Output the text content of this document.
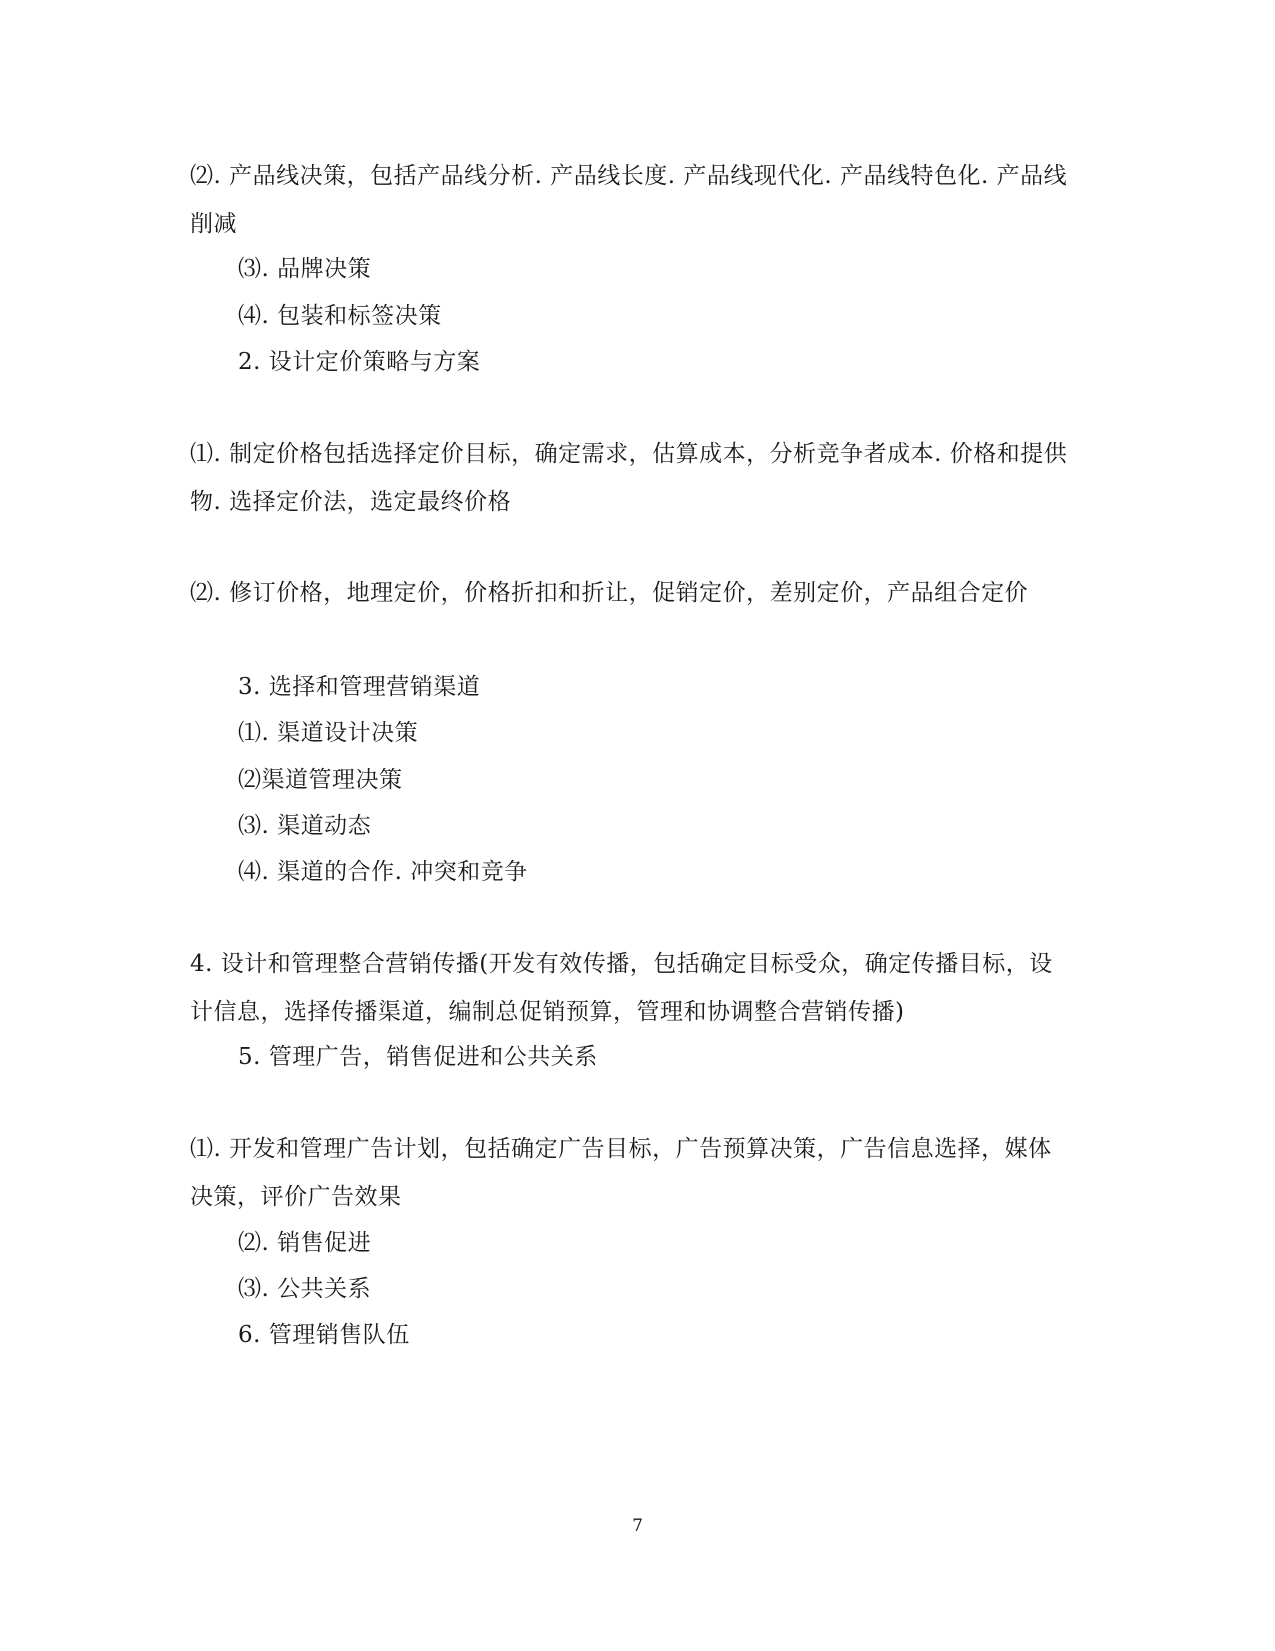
⑵. 产品线决策，包括产品线分析. 产品线长度. 产品线现代化. 产品线特色化. 产品线削减

⑶. 品牌决策

⑷. 包装和标签决策

2. 设计定价策略与方案

⑴. 制定价格包括选择定价目标，确定需求，估算成本，分析竞争者成本. 价格和提供物. 选择定价法，选定最终价格

⑵. 修订价格，地理定价，价格折扣和折让，促销定价，差别定价，产品组合定价

3. 选择和管理营销渠道

⑴. 渠道设计决策

⑵渠道管理决策

⑶. 渠道动态

⑷. 渠道的合作. 冲突和竞争

4. 设计和管理整合营销传播(开发有效传播，包括确定目标受众，确定传播目标，设计信息，选择传播渠道，编制总促销预算，管理和协调整合营销传播)

5. 管理广告，销售促进和公共关系

⑴. 开发和管理广告计划，包括确定广告目标，广告预算决策，广告信息选择，媒体决策，评价广告效果

⑵. 销售促进

⑶. 公共关系

6. 管理销售队伍

7
